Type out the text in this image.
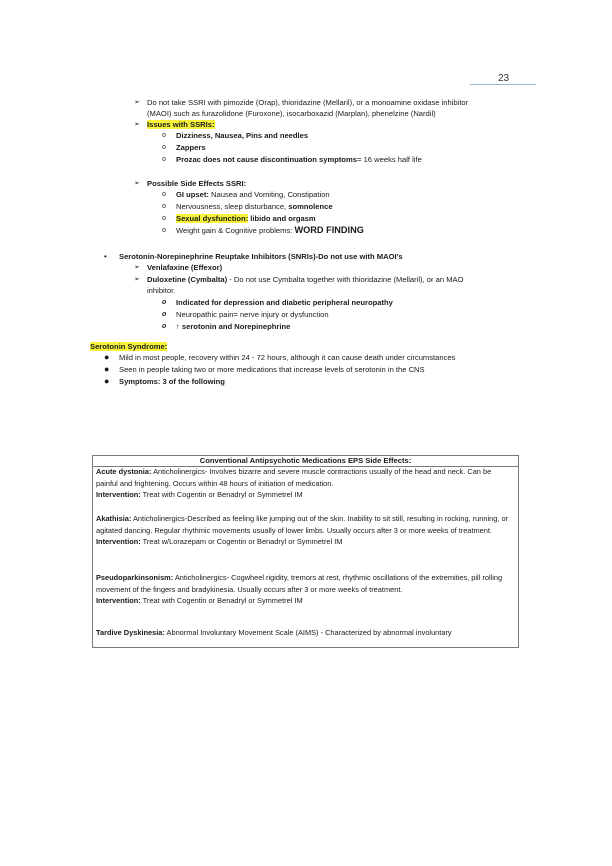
23
➢ Do not take SSRI with pimozide (Orap), thioridazine (Mellaril), or a monoamine oxidase inhibitor
(MAOI) such as furazolidone (Furoxone), isocarboxazid (Marplan), phenelzine (Nardil)
➢ Issues with SSRIs:
o Dizziness, Nausea, Pins and needles
o Zappers
o Prozac does not cause discontinuation symptoms= 16 weeks half life
➢ Possible Side Effects SSRI:
o GI upset: Nausea and Vomiting, Constipation
o Nervousness, sleep disturbance, somnolence
o Sexual dysfunction: libido and orgasm
o Weight gain & Cognitive problems: WORD FINDING
• Serotonin-Norepinephrine Reuptake Inhibitors (SNRIs)-Do not use with MAOI’s
➢ Venlafaxine (Effexor)
➢ Duloxetine (Cymbalta) - Do not use Cymbalta together with thioridazine (Mellaril), or an MAO
inhibitor.
o Indicated for depression and diabetic peripheral neuropathy
o Neuropathic pain= nerve injury or dysfunction
o ↑ serotonin and Norepinephrine
Serotonin Syndrome:
● Mild in most people, recovery within 24 - 72 hours, although it can cause death under circumstances
● Seen in people taking two or more medications that increase levels of serotonin in the CNS
● Symptoms: 3 of the following
Conventional Antipsychotic Medications EPS Side Effects:
Acute dystonia: Anticholinergics- Involves bizarre and severe muscle contractions usually of the head and neck. Can be painful and frightening. Occurs within 48 hours of initiation of medication.
Intervention: Treat with Cogentin or Benadryl or Symmetrel IM
Akathisia: Anticholinergics-Described as feeling like jumping out of the skin. Inability to sit still, resulting in rocking, running, or agitated dancing. Regular rhythmic movements usually of lower limbs. Usually occurs after 3 or more weeks of treatment.
Intervention: Treat w/Lorazepam or Cogentin or Benadryl or Symmetrel IM
Pseudoparkinsonism: Anticholinergics- Cogwheel rigidity, tremors at rest, rhythmic oscillations of the extremities, pill rolling movement of the fingers and bradykinesia. Usually occurs after 3 or more weeks of treatment.
Intervention: Treat with Cogentin or Benadryl or Symmetrel IM
Tardive Dyskinesia: Abnormal Involuntary Movement Scale (AIMS) - Characterized by abnormal involuntary
